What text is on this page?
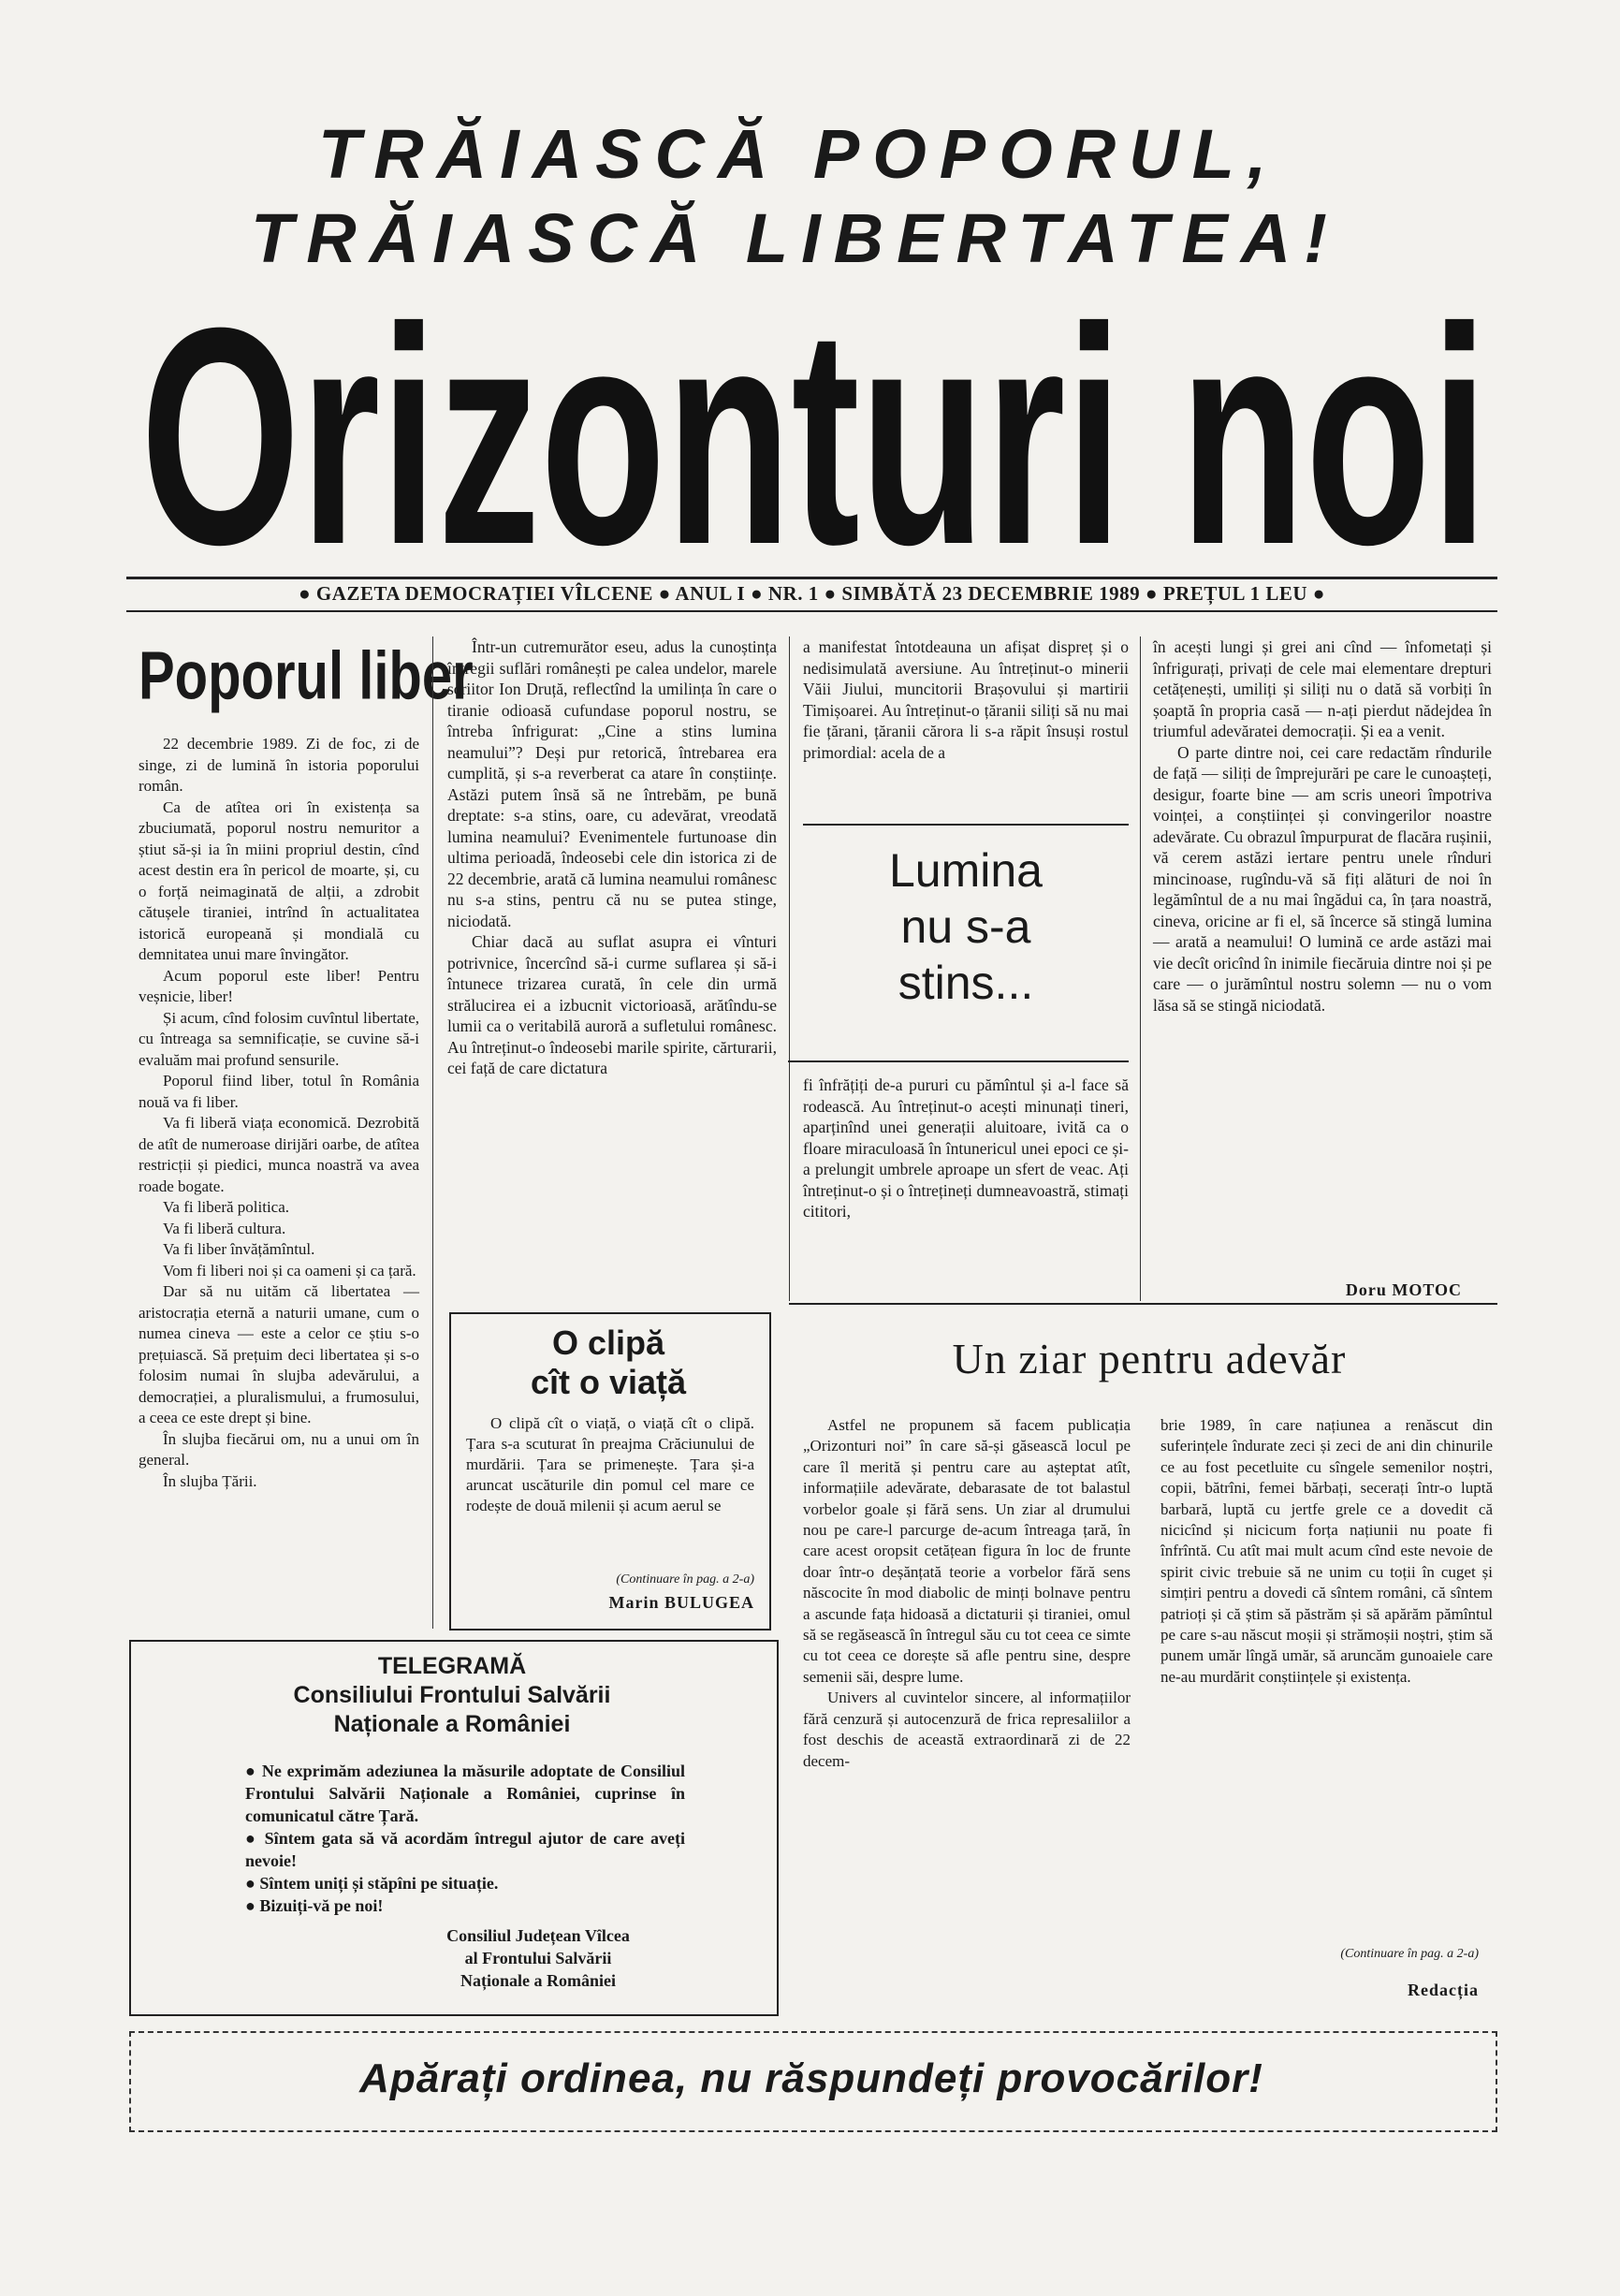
TRĂIASCĂ POPORUL,
TRĂIASCĂ LIBERTATEA!
Orizonturi noi
● GAZETA DEMOCRAȚIEI VÎLCENE ● ANUL I ● NR. 1 ● SIMBĂTĂ 23 DECEMBRIE 1989 ● PREȚUL 1 LEU ●
Poporul liber

22 decembrie 1989. Zi de foc, zi de singe, zi de lumină în istoria poporului român.

Ca de atîtea ori în existența sa zbuciumată, poporul nostru nemuritor a știut să-și ia în miini propriul destin, cînd acest destin era în pericol de moarte, și, cu o forță neimaginată de alții, a zdrobit cătușele tiraniei, intrînd în actualitatea istorică europeană și mondială cu demnitatea unui mare învingător.

Acum poporul este liber! Pentru veșnicie, liber!

Și acum, cînd folosim cuvîntul libertate, cu întreaga sa semnificație, se cuvine să-i evaluăm mai profund sensurile.

Poporul fiind liber, totul în România nouă va fi liber.

Va fi liberă viața economică. Dezrobită de atît de numeroase dirijări oarbe, de atîtea restricții și piedici, munca noastră va avea roade bogate.

Va fi liberă politica.

Va fi liberă cultura.

Va fi liber învățămîntul.

Vom fi liberi noi și ca oameni și ca țară.

Dar să nu uităm că libertatea — aristocrația eternă a naturii umane, cum o numea cineva — este a celor ce știu s-o prețuiască. Să prețuim deci libertatea și s-o folosim numai în slujba adevărului, a democrației, a pluralismului, a frumosului, a ceea ce este drept și bine.

În slujba fiecărui om, nu a unui om în general.

În slujba Țării.

Într-un cutremurător eseu, adus la cunoștința întregii suflări românești pe calea undelor, marele scriitor Ion Druță, reflectînd la umilința în care o tiranie odioasă cufundase poporul nostru, se întreba înfrigurat: „Cine a stins lumina neamului”? Deși pur retorică, întrebarea era cumplită, și s-a reverberat ca atare în conștiințe. Astăzi putem însă să ne întrebăm, pe bună dreptate: s-a stins, oare, cu adevărat, vreodată lumina neamului? Evenimentele furtunoase din ultima perioadă, îndeosebi cele din istorica zi de 22 decembrie, arată că lumina neamului românesc nu s-a stins, pentru că nu se putea stinge, niciodată.

Chiar dacă au suflat asupra ei vînturi potrivnice, încercînd să-i curme suflarea și să-i întunece trizarea curată, în cele din urmă strălucirea ei a izbucnit victorioasă, arătîndu-se lumii ca o veritabilă auroră a sufletului românesc. Au întreținut-o îndeosebi marile spirite, cărturarii, cei față de care dictatura

a manifestat întotdeauna un afișat dispreț și o nedisimulată aversiune. Au întreținut-o minerii Văii Jiului, muncitorii Brașovului și martirii Timișoarei. Au întreținut-o țăranii siliți să nu mai fie țărani, țăranii cărora li s-a răpit însuși rostul primordial: acela de a

Lumina
nu s-a
stins...

fi înfrățiți de-a pururi cu pămîntul și a-l face să rodească. Au întreținut-o acești minunați tineri, aparținînd unei generații aluitoare, ivită ca o floare miraculoasă în întunericul unei epoci ce și-a prelungit umbrele aproape un sfert de veac. Ați întreținut-o și o întrețineți dumneavoastră, stimați cititori,

în acești lungi și grei ani cînd — înfometați și înfrigurați, privați de cele mai elementare drepturi cetățenești, umiliți și siliți nu o dată să vorbiți în șoaptă în propria casă — n-ați pierdut nădejdea în triumful adevăratei democrații. Și ea a venit.

O parte dintre noi, cei care redactăm rîndurile de față — siliți de împrejurări pe care le cunoașteți, desigur, foarte bine — am scris uneori împotriva voinței, a conștiinței și convingerilor noastre adevărate. Cu obrazul împurpurat de flacăra rușinii, vă cerem astăzi iertare pentru unele rînduri mincinoase, rugîndu-vă să fiți alături de noi în legămîntul de a nu mai îngădui ca, în țara noastră, cineva, oricine ar fi el, să încerce să stingă lumina — arată a neamului! O lumină ce arde astăzi mai vie decît oricînd în inimile fiecăruia dintre noi și pe care — o jurămîntul nostru solemn — nu o vom lăsa să se stingă niciodată.

Doru MOTOC
O clipă
cît o viață

O clipă cît o viață, o viață cît o clipă. Țara s-a scuturat în preajma Crăciunului de murdării. Țara se primenește. Țara și-a aruncat uscăturile din pomul cel mare ce rodește de două milenii și acum aerul se

(Continuare în pag. a 2-a)
Marin BULUGEA
Un ziar pentru adevăr

Astfel ne propunem să facem publicația „Orizonturi noi” în care să-și găsească locul pe care îl merită și pentru care au așteptat atît, informațiile adevărate, debarasate de tot balastul vorbelor goale și fără sens. Un ziar al drumului nou pe care-l parcurge de-acum întreaga țară, în care acest oropsit cetățean figura în loc de frunte doar într-o deșănțată teorie a vorbelor fără sens născocite în mod diabolic de minți bolnave pentru a ascunde fața hidoasă a dictaturii și tiraniei, omul să se regăsească în întregul său cu tot ceea ce simte cu tot ceea ce dorește să afle pentru sine, despre semenii săi, despre lume.

Univers al cuvintelor sincere, al informațiilor fără cenzură și autocenzură de frica represaliilor a fost deschis de această extraordinară zi de 22 decem-

brie 1989, în care națiunea a renăscut din suferințele îndurate zeci și zeci de ani din chinurile ce au fost pecetluite cu sîngele semenilor noștri, copii, bătrîni, femei bărbați, secerați într-o luptă barbară, luptă cu jertfe grele ce a dovedit că nicicînd și nicicum forța națiunii nu poate fi înfrîntă. Cu atît mai mult acum cînd este nevoie de spirit civic trebuie să ne unim cu toții în cuget și simțiri pentru a dovedi că sîntem români, că sîntem patrioți și că știm să păstrăm și să apărăm pămîntul pe care s-au născut moșii și strămoșii noștri, știm să punem umăr lîngă umăr, să aruncăm gunoaiele care ne-au murdărit conștiințele și existența.

(Continuare în pag. a 2-a)
Redacția

TELEGRAMĂ

Consiliului Frontului Salvării

Naționale a României

● Ne exprimăm adeziunea la măsurile adoptate de Consiliul Frontului Salvării Naționale a României, cuprinse în comunicatul către Țară.

● Sîntem gata să vă acordăm întregul ajutor de care aveți nevoie!

● Sîntem uniți și stăpîni pe situație.

● Bizuiți-vă pe noi!

Consiliul Județean Vîlcea

al Frontului Salvării

Naționale a României

Apărați ordinea, nu răspundeți provocărilor!
